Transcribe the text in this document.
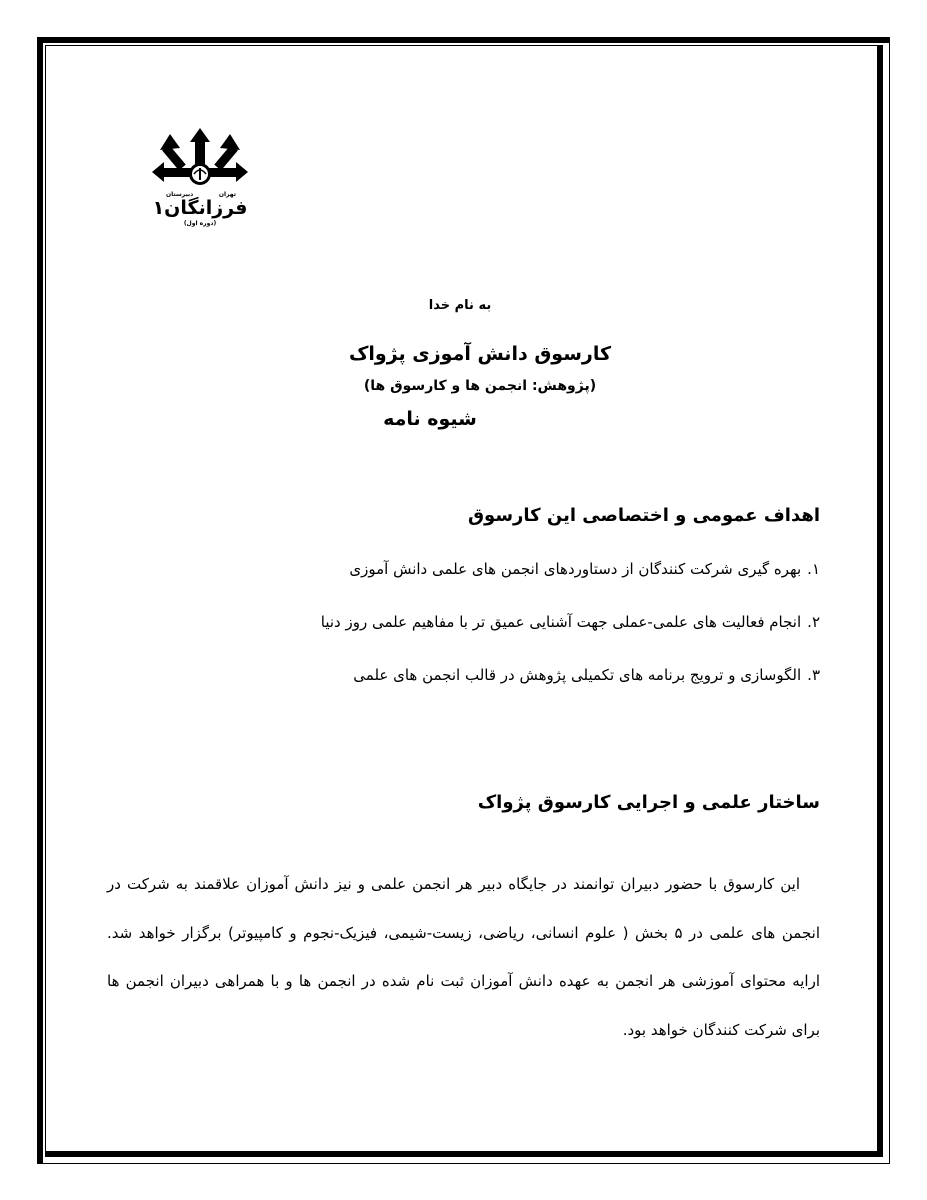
تهران
دبیرستان
فرزانگان۱
(دوره اول)
به نام خدا
کارسوق دانش آموزی پژواک
(پژوهش: انجمن ها و کارسوق ها)
شیوه نامه
اهداف عمومی و اختصاصی این کارسوق
۱.بهره گیری شرکت کنندگان از دستاوردهای انجمن های علمی دانش آموزی
۲.انجام فعالیت های علمی-عملی جهت آشنایی عمیق تر با مفاهیم علمی روز دنیا
۳.الگوسازی و ترویج برنامه های تکمیلی پژوهش در قالب انجمن های علمی
ساختار علمی و اجرایی کارسوق پژواک

این کارسوق با حضور دبیران توانمند در جایگاه دبیر هر انجمن علمی و نیز دانش آموزان علاقمند به شرکت در انجمن های علمی در ۵ بخش ( علوم انسانی، ریاضی، زیست-شیمی، فیزیک-نجوم و کامپیوتر) برگزار خواهد شد. ارایه محتوای آموزشی هر انجمن به عهده دانش آموزان ثبت نام شده در انجمن ها و با همراهی دبیران انجمن ها برای شرکت کنندگان خواهد بود.
